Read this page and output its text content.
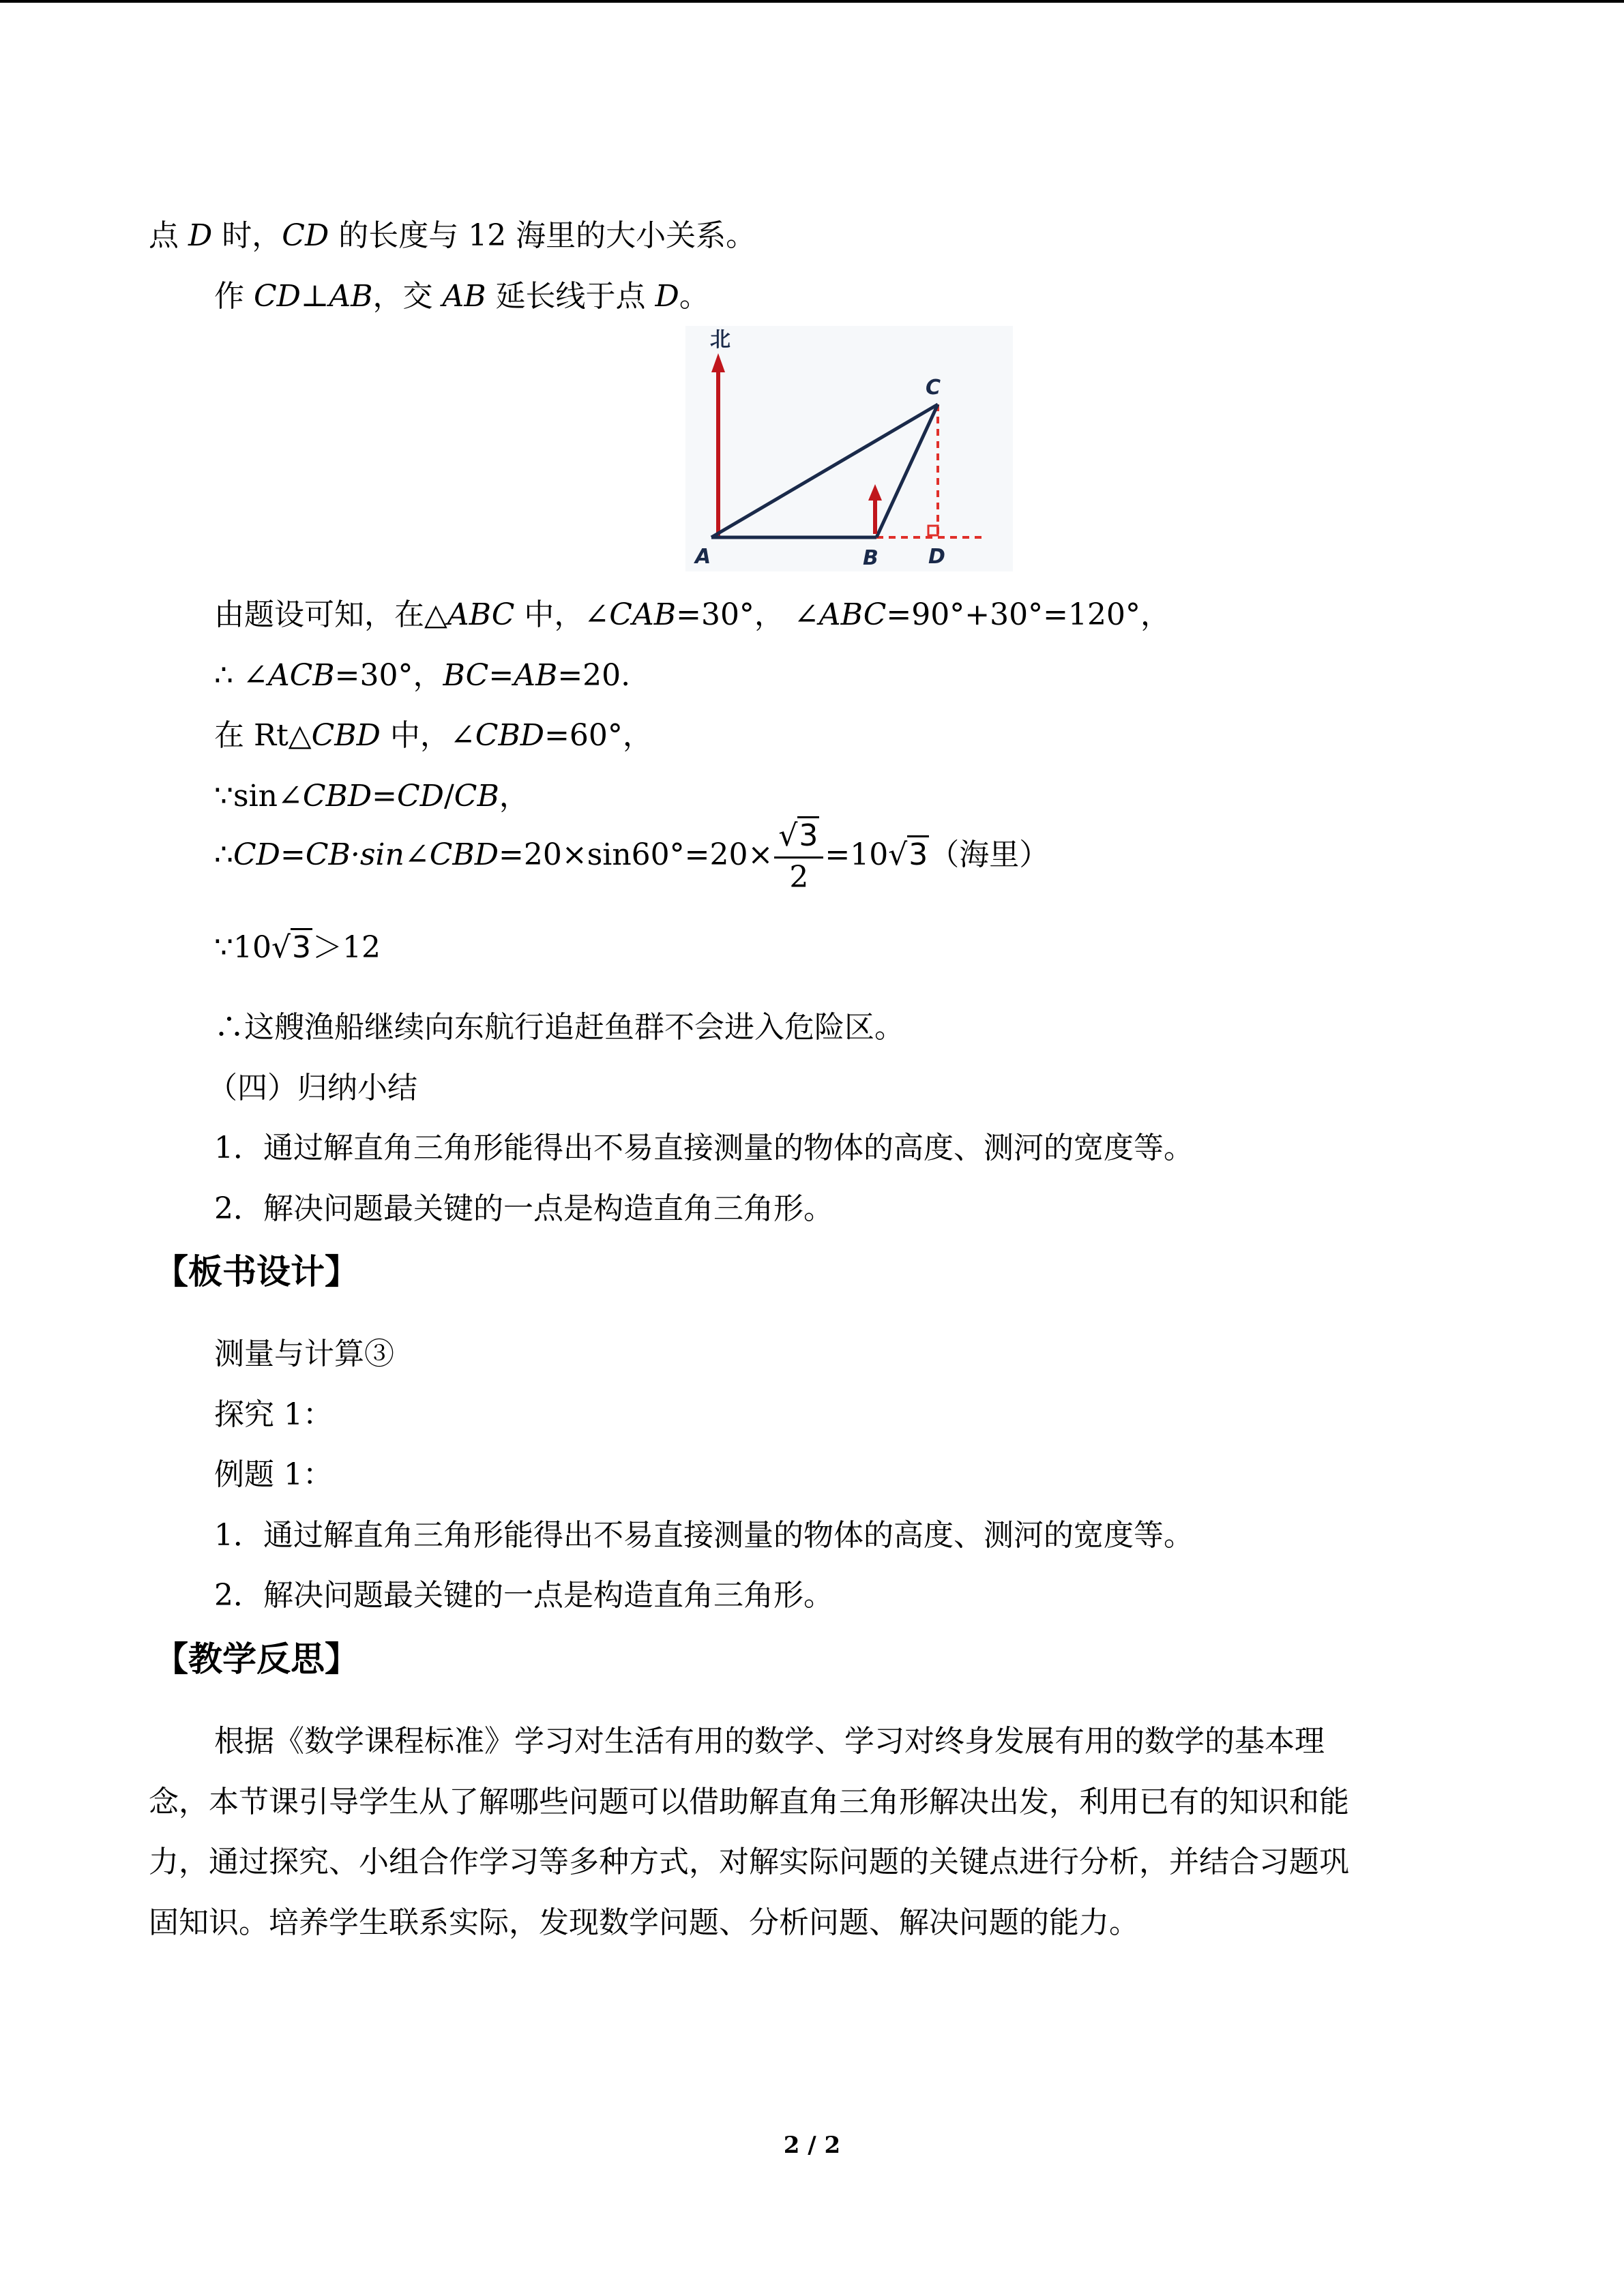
点 D 时，CD 的长度与 12 海里的大小关系。
作 CD⊥AB，交 AB 延长线于点 D。
北
A	B
C
D
由题设可知，在△ABC 中，∠CAB=30°， ∠ABC=90°+30°=120°，
∴ ∠ACB=30°，BC=AB=20.
在 Rt△CBD 中，∠CBD=60°，
∵sin∠CBD=CD/CB，
∴CD=CB·sin∠CBD=20×sin60°=20× $\frac{√ 3}{2} =10$ √ 3（海里）
∵10 √ 3＞12
∴这艘渔船继续向东航行追赶鱼群不会进入危险区。
（四）归纳小结
1．通过解直角三角形能得出不易直接测量的物体的高度、测河的宽度等。
2．解决问题最关键的一点是构造直角三角形。
【板书设计】
测量与计算③
探究 1：
例题 1：
1．通过解直角三角形能得出不易直接测量的物体的高度、测河的宽度等。
2．解决问题最关键的一点是构造直角三角形。
【教学反思】
根据《数学课程标准》学习对生活有用的数学、学习对终身发展有用的数学的基本理
念，本节课引导学生从了解哪些问题可以借助解直角三角形解决出发，利用已有的知识和能
力，通过探究、小组合作学习等多种方式，对解实际问题的关键点进行分析，并结合习题巩
固知识。培养学生联系实际，发现数学问题、分析问题、解决问题的能力。
2 / 2
